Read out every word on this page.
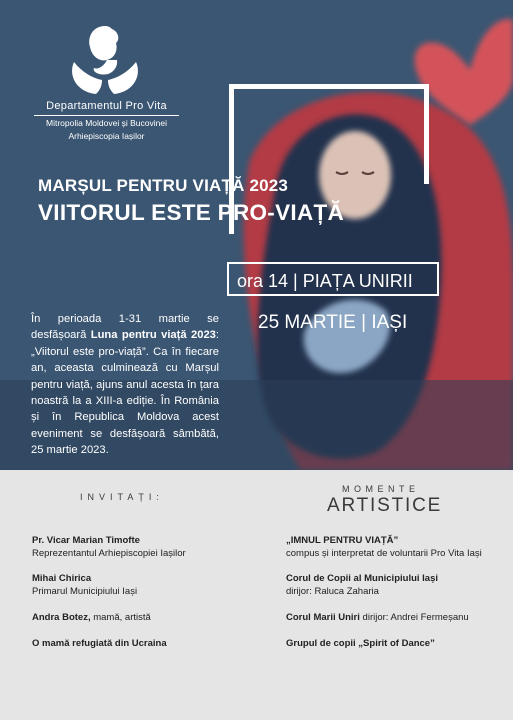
Departamentul Pro Vita
Mitropolia Moldovei și Bucovinei
Arhiepiscopia Iașilor
MARȘUL PENTRU VIAȚĂ 2023
VIITORUL ESTE PRO-VIAȚĂ
ora 14 | PIAȚA UNIRII
25 MARTIE | IAȘI
În perioada 1-31 martie se desfășoară Luna pentru viață 2023: „Viitorul este pro-viață”. Ca în fiecare an, aceasta culminează cu Marșul pentru viață, ajuns anul acesta în țara noastră la a XIII-a ediție. În România și în Republica Moldova acest eveniment se desfășoară sâmbătă, 25 martie 2023.
INVITAȚI:
MOMENTE
ARTISTICE
Pr. Vicar Marian Timofte
Reprezentantul Arhiepiscopiei Iașilor
Mihai Chirica
Primarul Municipiului Iași
Andra Botez, mamă, artistă
O mamă refugiată din Ucraina
„IMNUL PENTRU VIAȚĂ”
compus și interpretat de voluntarii Pro Vita Iași
Corul de Copii al Municipiului Iași
dirijor: Raluca Zaharia
Corul Marii Uniri dirijor: Andrei Fermeșanu
Grupul de copii „Spirit of Dance”
